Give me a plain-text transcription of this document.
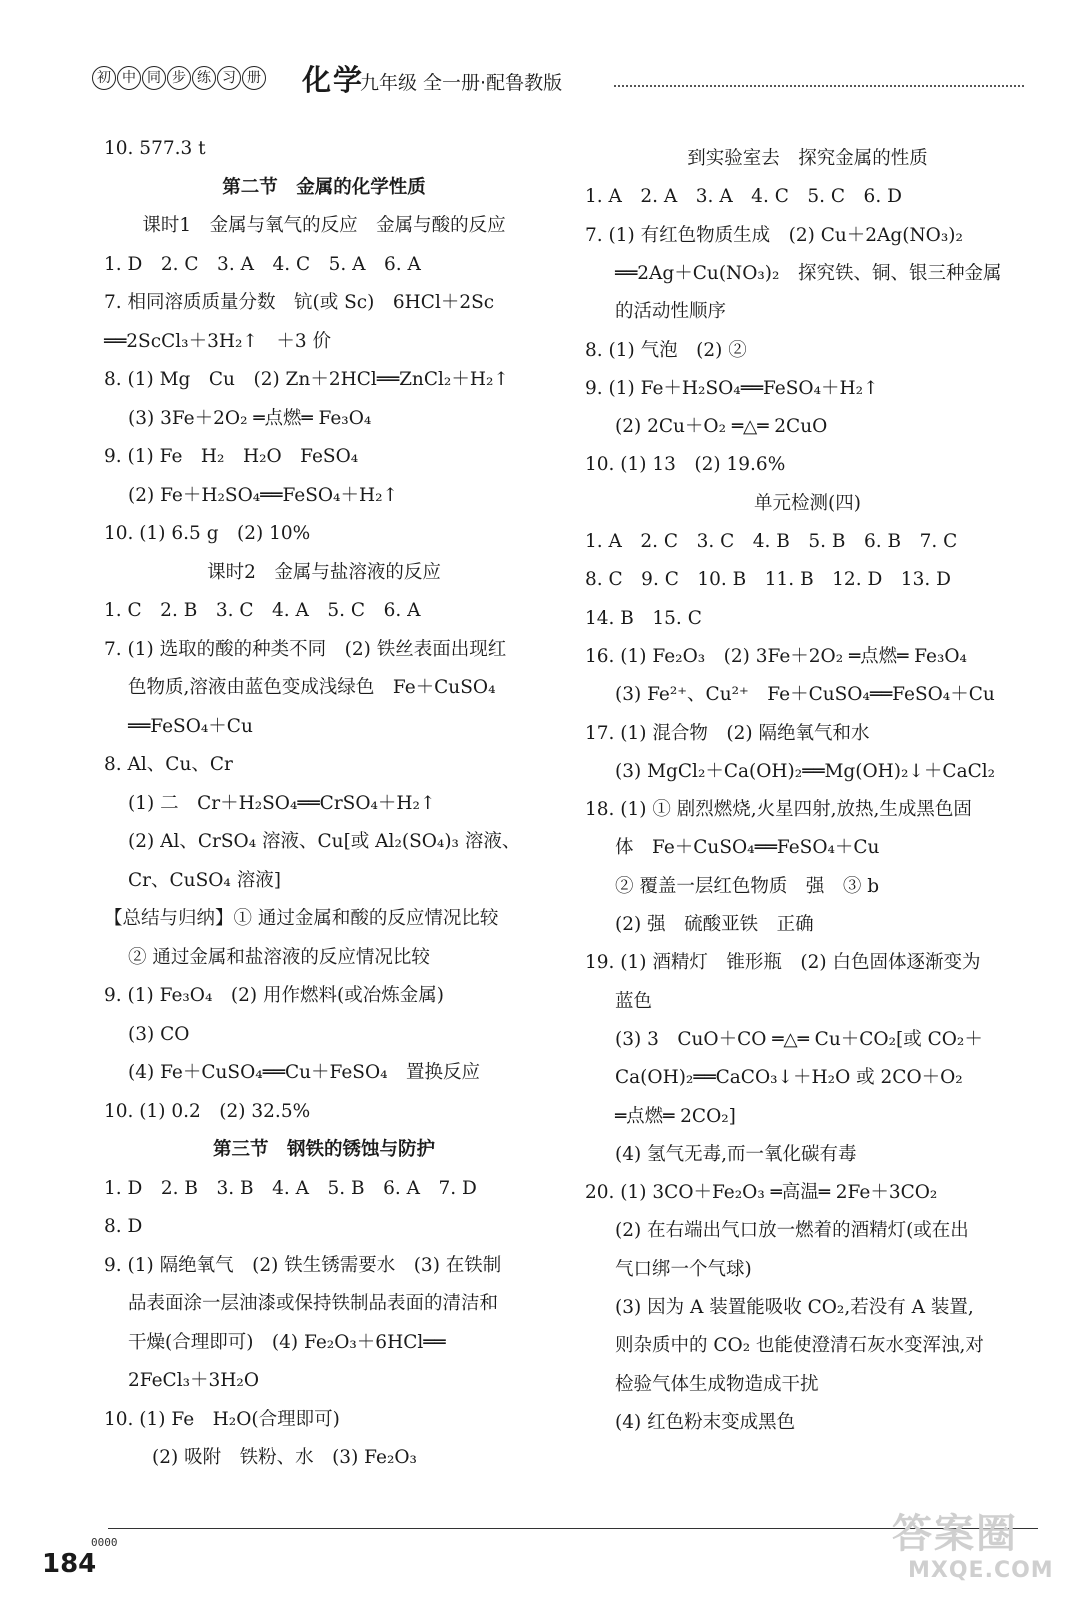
初 中 同 步 练 习 册 化学
九年级 全一册·配鲁教版
10. 577.3 t
第二节　金属的化学性质
课时1　金属与氧气的反应　金属与酸的反应
1. D　2. C　3. A　4. C　5. A　6. A
7. 相同溶质质量分数　钪(或 Sc)　6HCl＋2Sc
══2ScCl₃＋3H₂↑　＋3 价
8. (1) Mg　Cu　(2) Zn＋2HCl══ZnCl₂＋H₂↑
(3) 3Fe＋2O₂ ═点燃═ Fe₃O₄
9. (1) Fe　H₂　H₂O　FeSO₄
(2) Fe＋H₂SO₄══FeSO₄＋H₂↑
10. (1) 6.5 g　(2) 10%
课时2　金属与盐溶液的反应
1. C　2. B　3. C　4. A　5. C　6. A
7. (1) 选取的酸的种类不同　(2) 铁丝表面出现红
色物质,溶液由蓝色变成浅绿色　Fe＋CuSO₄
══FeSO₄＋Cu
8. Al、Cu、Cr
(1) 二　Cr＋H₂SO₄══CrSO₄＋H₂↑
(2) Al、CrSO₄ 溶液、Cu[或 Al₂(SO₄)₃ 溶液、
Cr、CuSO₄ 溶液]
【总结与归纳】① 通过金属和酸的反应情况比较
② 通过金属和盐溶液的反应情况比较
9. (1) Fe₃O₄　(2) 用作燃料(或冶炼金属)
(3) CO
(4) Fe＋CuSO₄══Cu＋FeSO₄　置换反应
10. (1) 0.2　(2) 32.5%
第三节　钢铁的锈蚀与防护
1. D　2. B　3. B　4. A　5. B　6. A　7. D
8. D
9. (1) 隔绝氧气　(2) 铁生锈需要水　(3) 在铁制
品表面涂一层油漆或保持铁制品表面的清洁和
干燥(合理即可)　(4) Fe₂O₃＋6HCl══
2FeCl₃＋3H₂O
10. (1) Fe　H₂O(合理即可)
(2) 吸附　铁粉、水　(3) Fe₂O₃
到实验室去　探究金属的性质
1. A　2. A　3. A　4. C　5. C　6. D
7. (1) 有红色物质生成　(2) Cu＋2Ag(NO₃)₂
══2Ag＋Cu(NO₃)₂　探究铁、铜、银三种金属
的活动性顺序
8. (1) 气泡　(2) ②
9. (1) Fe＋H₂SO₄══FeSO₄＋H₂↑
(2) 2Cu＋O₂ ═△═ 2CuO
10. (1) 13　(2) 19.6%
单元检测(四)
1. A　2. C　3. C　4. B　5. B　6. B　7. C
8. C　9. C　10. B　11. B　12. D　13. D
14. B　15. C
16. (1) Fe₂O₃　(2) 3Fe＋2O₂ ═点燃═ Fe₃O₄
(3) Fe²⁺、Cu²⁺　Fe＋CuSO₄══FeSO₄＋Cu
17. (1) 混合物　(2) 隔绝氧气和水
(3) MgCl₂＋Ca(OH)₂══Mg(OH)₂↓＋CaCl₂
18. (1) ① 剧烈燃烧,火星四射,放热,生成黑色固
体　Fe＋CuSO₄══FeSO₄＋Cu
② 覆盖一层红色物质　强　③ b
(2) 强　硫酸亚铁　正确
19. (1) 酒精灯　锥形瓶　(2) 白色固体逐渐变为
蓝色
(3) 3　CuO＋CO ═△═ Cu＋CO₂[或 CO₂＋
Ca(OH)₂══CaCO₃↓＋H₂O 或 2CO＋O₂
═点燃═ 2CO₂]
(4) 氢气无毒,而一氧化碳有毒
20. (1) 3CO＋Fe₂O₃ ═高温═ 2Fe＋3CO₂
(2) 在右端出气口放一燃着的酒精灯(或在出
气口绑一个气球)
(3) 因为 A 装置能吸收 CO₂,若没有 A 装置,
则杂质中的 CO₂ 也能使澄清石灰水变浑浊,对
检验气体生成物造成干扰
(4) 红色粉末变成黑色
0000
184
答案圈
MXQE.COM
